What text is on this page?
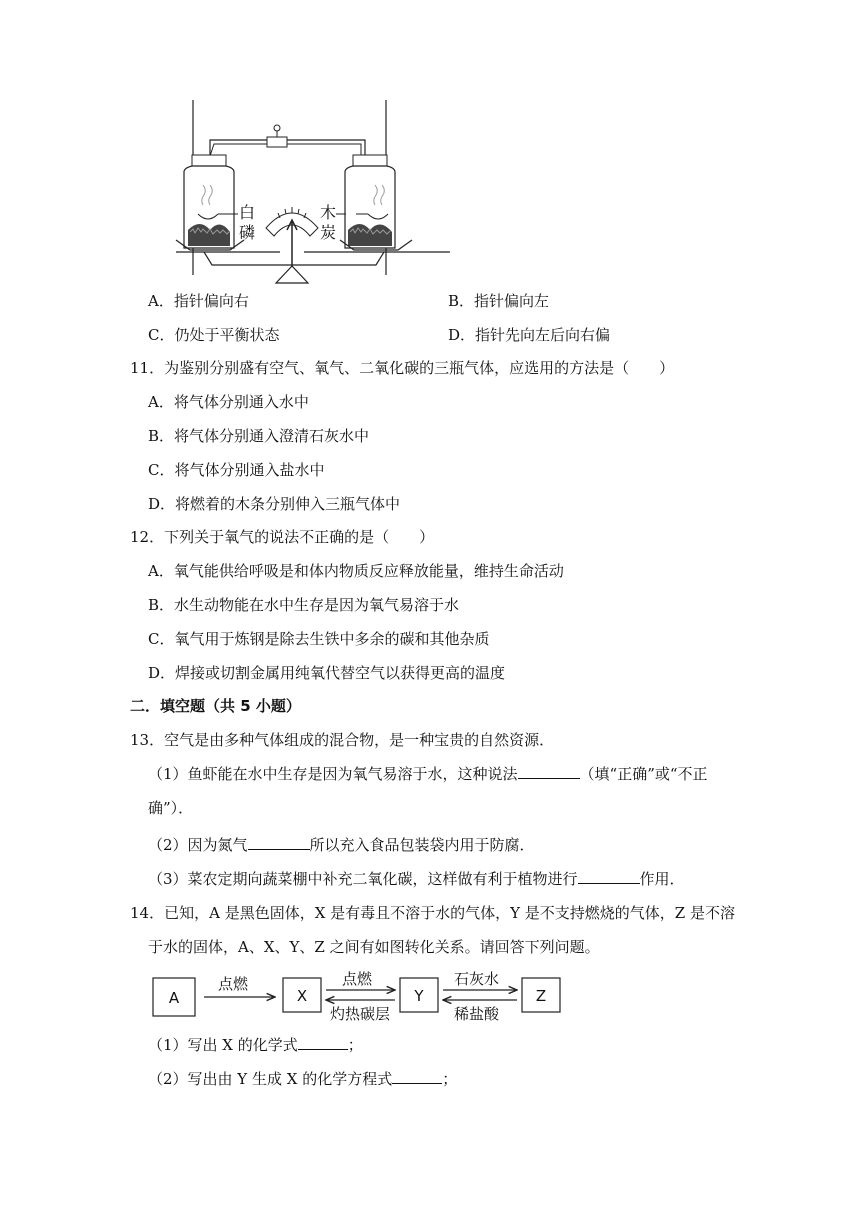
白
磷
木
炭
A．指针偏向右	B．指针偏向左
C．仍处于平衡状态	D．指针先向左后向右偏
11．为鉴别分别盛有空气、氧气、二氧化碳的三瓶气体，应选用的方法是（　　）
A．将气体分别通入水中
B．将气体分别通入澄清石灰水中
C．将气体分别通入盐水中
D．将燃着的木条分别伸入三瓶气体中
12．下列关于氧气的说法不正确的是（　　）
A．氧气能供给呼吸是和体内物质反应释放能量，维持生命活动
B．水生动物能在水中生存是因为氧气易溶于水
C．氧气用于炼钢是除去生铁中多余的碳和其他杂质
D．焊接或切割金属用纯氧代替空气以获得更高的温度
二．填空题（共 5 小题）
13．空气是由多种气体组成的混合物，是一种宝贵的自然资源．
（1）鱼虾能在水中生存是因为氧气易溶于水，这种说法	（填“正确”或“不正
确”）．
（2）因为氮气	所以充入食品包装袋内用于防腐．
（3）菜农定期向蔬菜棚中补充二氧化碳，这样做有利于植物进行	作用．
14．已知，A 是黑色固体，X 是有毒且不溶于水的气体，Y 是不支持燃烧的气体，Z 是不溶
于水的固体，A、X、Y、Z 之间有如图转化关系。请回答下列问题。
A	X	Y	Z
点燃	点燃
灼热碳层
石灰水
稀盐酸
（1）写出 X 的化学式	；
（2）写出由 Y 生成 X 的化学方程式	；
